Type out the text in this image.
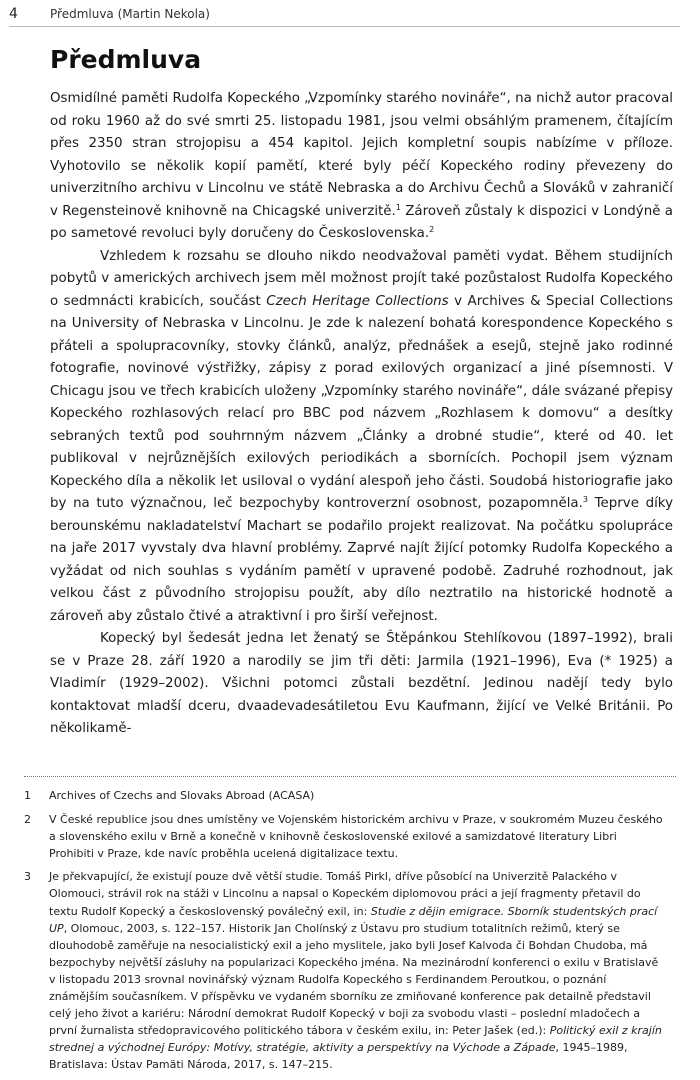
4	Předmluva (Martin Nekola)
Předmluva

Osmidílné paměti Rudolfa Kopeckého „Vzpomínky starého novináře“, na nichž autor pracoval od roku 1960 až do své smrti 25. listopadu 1981, jsou velmi obsáhlým pramenem, čítajícím přes 2350 stran strojopisu a 454 kapitol. Jejich kompletní soupis nabízíme v příloze. Vyhotovilo se několik kopií pamětí, které byly péčí Kopeckého rodiny převezeny do univerzitního archivu v Lincolnu ve státě Nebraska a do Archivu Čechů a Slováků v zahraničí v Regensteinově knihovně na Chicagské univerzitě.$^1$ Zároveň zůstaly k dispozici v Londýně a po sametové revoluci byly doručeny do Československa.$^2$

Vzhledem k rozsahu se dlouho nikdo neodvažoval paměti vydat. Během studijních pobytů v amerických archivech jsem měl možnost projít také pozůstalost Rudolfa Kopeckého o sedmnácti krabicích, součást Czech Heritage Collections v Archives & Special Collections na University of Nebraska v Lincolnu. Je zde k nalezení bohatá korespondence Kopeckého s přáteli a spolupracovníky, stovky článků, analýz, přednášek a esejů, stejně jako rodinné fotografie, novinové výstřižky, zápisy z porad exilových organizací a jiné písemnosti. V Chicagu jsou ve třech krabicích uloženy „Vzpomínky starého novináře“, dále svázané přepisy Kopeckého rozhlasových relací pro BBC pod názvem „Rozhlasem k domovu“ a desítky sebraných textů pod souhrnným názvem „Články a drobné studie“, které od 40. let publikoval v nejrůznějších exilových periodikách a sbornících. Pochopil jsem význam Kopeckého díla a několik let usiloval o vydání alespoň jeho části. Soudobá historiografie jako by na tuto význačnou, leč bezpochyby kontroverzní osobnost, pozapomněla.$^3$ Teprve díky berounskému nakladatelství Machart se podařilo projekt realizovat. Na počátku spolupráce na jaře 2017 vyvstaly dva hlavní problémy. Zaprvé najít žijící potomky Rudolfa Kopeckého a vyžádat od nich souhlas s vydáním pamětí v upravené podobě. Zadruhé rozhodnout, jak velkou část z původního strojopisu použít, aby dílo neztratilo na historické hodnotě a zároveň aby zůstalo čtivé a atraktivní i pro širší veřejnost.

Kopecký byl šedesát jedna let ženatý se Štěpánkou Stehlíkovou (1897–1992), brali se v Praze 28. září 1920 a narodily se jim tři děti: Jarmila (1921–1996), Eva (* 1925) a Vladimír (1929–2002). Všichni potomci zůstali bezdětní. Jedinou nadějí tedy bylo kontaktovat mladší dceru, dvaadevadesátiletou Evu Kaufmann, žijící ve Velké Británii. Po několikamě-

1 Archives of Czechs and Slovaks Abroad (ACASA)
2 V České republice jsou dnes umístěny ve Vojenském historickém archivu v Praze, v soukromém Muzeu českého a slovenského exilu v Brně a konečně v knihovně československé exilové a samizdatové literatury Libri Prohibiti v Praze, kde navíc proběhla ucelená digitalizace textu.
3 Je překvapující, že existují pouze dvě větší studie. Tomáš Pirkl, dříve působící na Univerzitě Palackého v Olomouci, strávil rok na stáži v Lincolnu a napsal o Kopeckém diplomovou práci a její fragmenty přetavil do textu Rudolf Kopecký a československý poválečný exil, in: Studie z dějin emigrace. Sborník studentských prací UP, Olomouc, 2003, s. 122–157. Historik Jan Cholínský z Ústavu pro studium totalitních režimů, který se dlouhodobě zaměřuje na nesocialistický exil a jeho myslitele, jako byli Josef Kalvoda či Bohdan Chudoba, má bezpochyby největší zásluhy na popularizaci Kopeckého jména. Na mezinárodní konferenci o exilu v Bratislavě v listopadu 2013 srovnal novinářský význam Rudolfa Kopeckého s Ferdinandem Peroutkou, o poznání známějším současníkem. V příspěvku ve vydaném sborníku ze zmiňované konference pak detailně představil celý jeho život a kariéru: Národní demokrat Rudolf Kopecký v boji za svobodu vlasti – poslední mladočech a první žurnalista středopravicového politického tábora v českém exilu, in: Peter Jašek (ed.): Politický exil z krajín strednej a východnej Európy: Motívy, stratégie, aktivity a perspektívy na Východe a Západe, 1945–1989, Bratislava: Ústav Pamäti Národa, 2017, s. 147–215.
